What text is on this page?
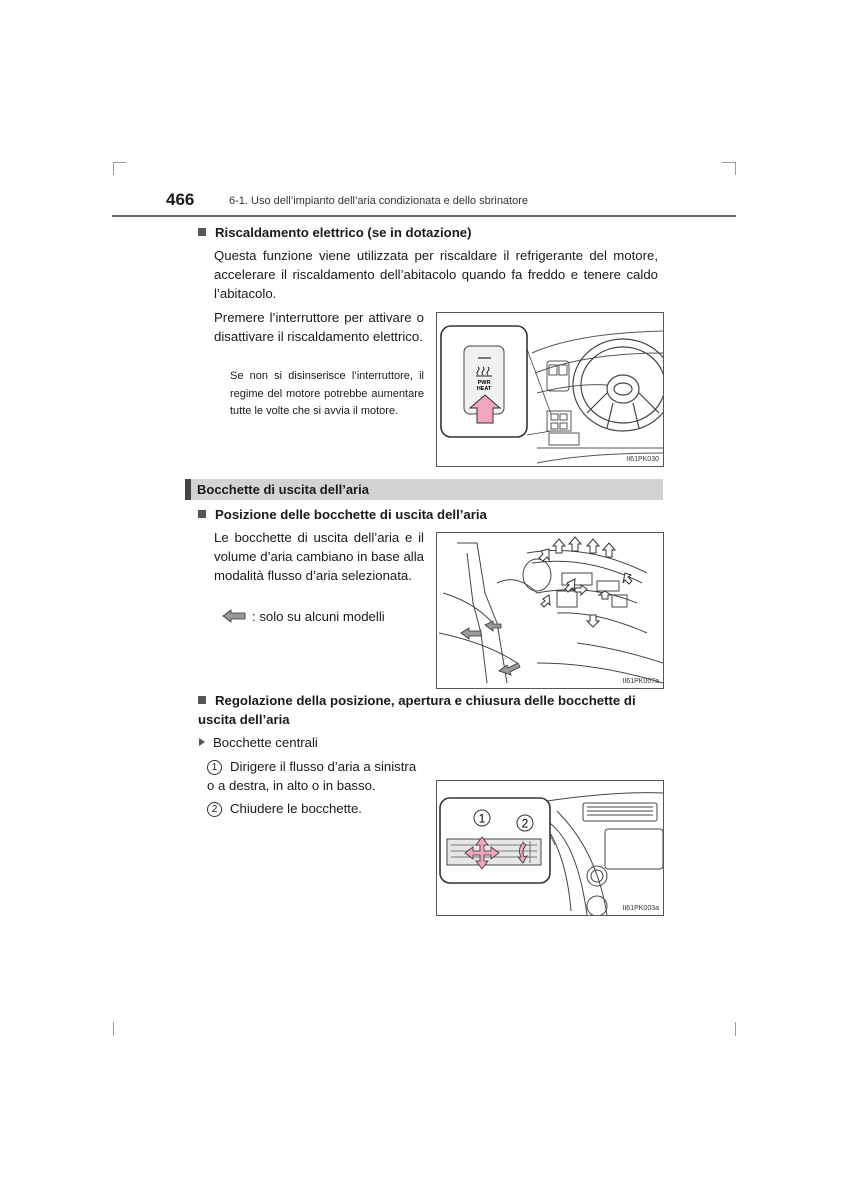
466	6-1. Uso dell’impianto dell’aria condizionata e dello sbrinatore
Riscaldamento elettrico (se in dotazione)
Questa funzione viene utilizzata per riscaldare il refrigerante del motore, accelerare il riscaldamento dell’abitacolo quando fa freddo e tenere caldo l’abitacolo.
Premere l’interruttore per attivare o disattivare il riscaldamento elettrico.
Se non si disinserisce l’interruttore, il regime del motore potrebbe aumentare tutte le volte che si avvia il motore.
PWR
HEAT
II61PK030
Bocchette di uscita dell’aria
Posizione delle bocchette di uscita dell’aria
Le bocchette di uscita dell’aria e il volume d’aria cambiano in base alla modalità flusso d’aria selezionata.
: solo su alcuni modelli
II61PK007a
Regolazione della posizione, apertura e chiusura delle bocchette di uscita dell’aria
Bocchette centrali
1 Dirigere il flusso d’aria a sinistra o a destra, in alto o in basso.
2 Chiudere le bocchette.
1	2
II61PK003a
